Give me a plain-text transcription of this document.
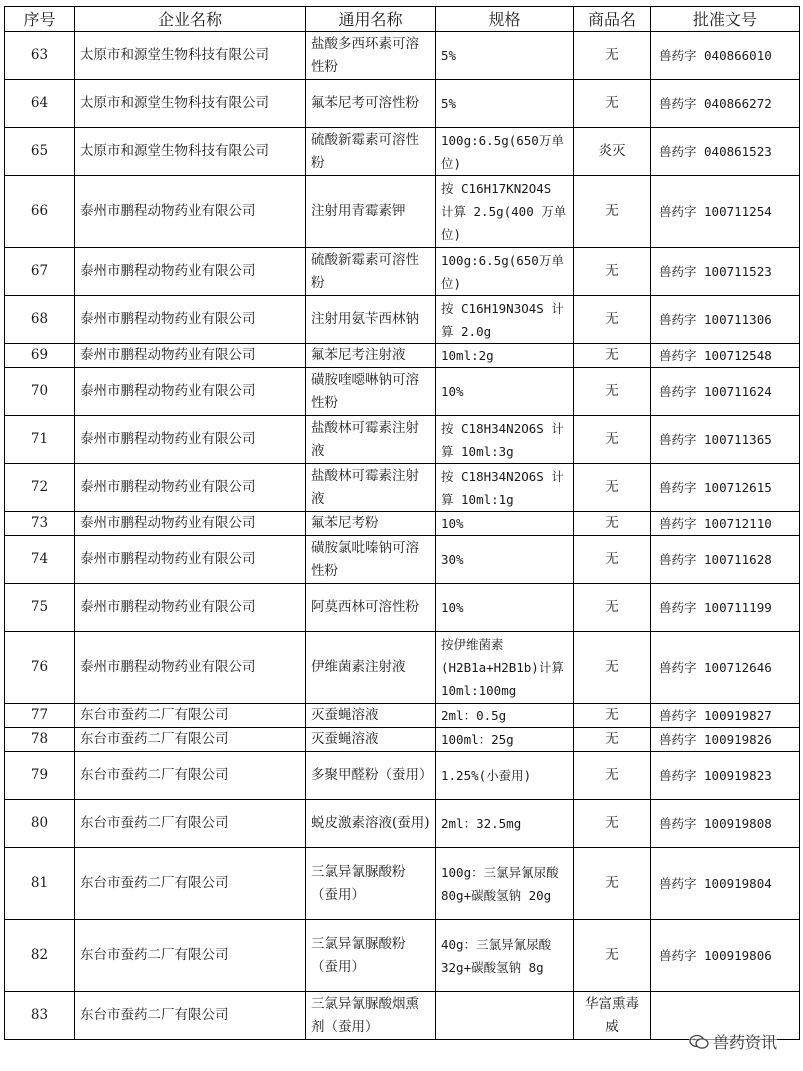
序号	企业名称	通用名称	规格	商品名	批准文号
63	太原市和源堂生物科技有限公司	盐酸多西环素可溶性粉	5%	无	兽药字 040866010
64	太原市和源堂生物科技有限公司	氟苯尼考可溶性粉	5%	无	兽药字 040866272
65	太原市和源堂生物科技有限公司	硫酸新霉素可溶性粉	100g:6.5g(650万单位)	炎灭	兽药字 040861523
66	泰州市鹏程动物药业有限公司	注射用青霉素钾	按 C16H17KN2O4S 计算 2.5g(400 万单位)	无	兽药字 100711254
67	泰州市鹏程动物药业有限公司	硫酸新霉素可溶性粉	100g:6.5g(650万单位)	无	兽药字 100711523
68	泰州市鹏程动物药业有限公司	注射用氨苄西林钠	按 C16H19N3O4S 计算 2.0g	无	兽药字 100711306
69	泰州市鹏程动物药业有限公司	氟苯尼考注射液	10ml:2g	无	兽药字 100712548
70	泰州市鹏程动物药业有限公司	磺胺喹噁啉钠可溶性粉	10%	无	兽药字 100711624
71	泰州市鹏程动物药业有限公司	盐酸林可霉素注射液	按 C18H34N2O6S 计算 10ml:3g	无	兽药字 100711365
72	泰州市鹏程动物药业有限公司	盐酸林可霉素注射液	按 C18H34N2O6S 计算 10ml:1g	无	兽药字 100712615
73	泰州市鹏程动物药业有限公司	氟苯尼考粉	10%	无	兽药字 100712110
74	泰州市鹏程动物药业有限公司	磺胺氯吡嗪钠可溶性粉	30%	无	兽药字 100711628
75	泰州市鹏程动物药业有限公司	阿莫西林可溶性粉	10%	无	兽药字 100711199
76	泰州市鹏程动物药业有限公司	伊维菌素注射液	按伊维菌素(H2B1a+H2B1b)计算 10ml:100mg	无	兽药字 100712646
77	东台市蚕药二厂有限公司	灭蚕蝇溶液	2ml：0.5g	无	兽药字 100919827
78	东台市蚕药二厂有限公司	灭蚕蝇溶液	100ml：25g	无	兽药字 100919826
79	东台市蚕药二厂有限公司	多聚甲醛粉（蚕用）	1.25%(小蚕用)	无	兽药字 100919823
80	东台市蚕药二厂有限公司	蜕皮激素溶液(蚕用)	2ml：32.5mg	无	兽药字 100919808
81	东台市蚕药二厂有限公司	三氯异氰脲酸粉（蚕用）	100g：三氯异氰尿酸 80g+碳酸氢钠 20g	无	兽药字 100919804
82	东台市蚕药二厂有限公司	三氯异氰脲酸粉（蚕用）	40g：三氯异氰尿酸 32g+碳酸氢钠 8g	无	兽药字 100919806
83	东台市蚕药二厂有限公司	三氯异氰脲酸烟熏剂（蚕用）		华富熏毒威	
兽药资讯
